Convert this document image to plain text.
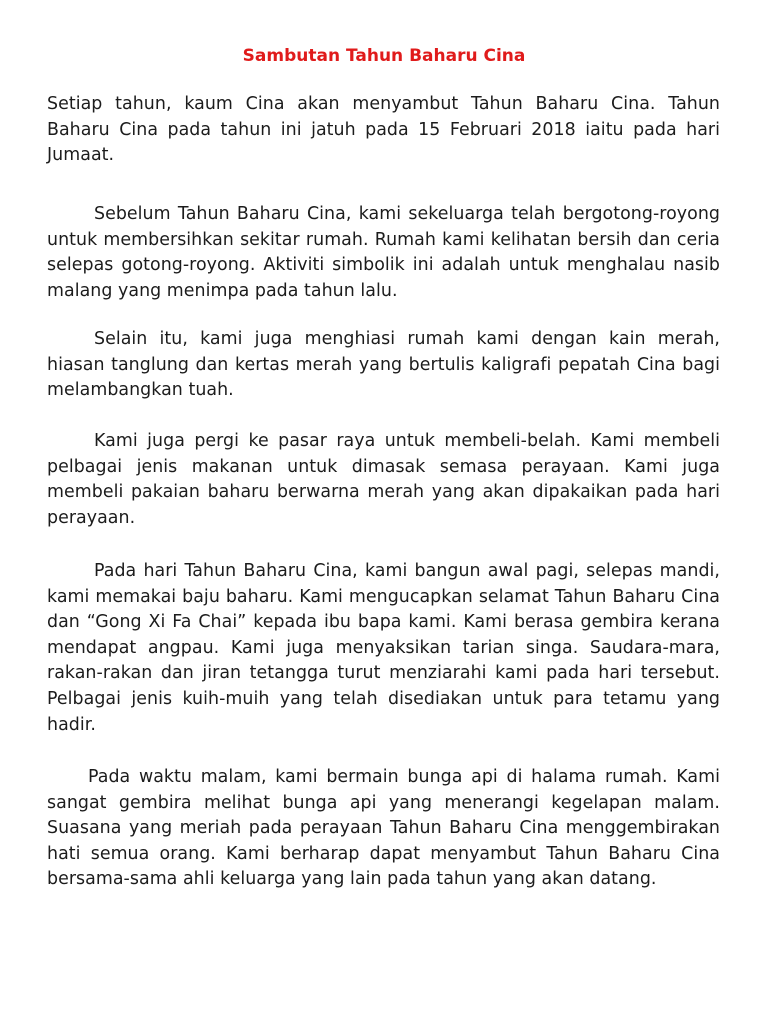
Sambutan Tahun Baharu Cina

Setiap tahun, kaum Cina akan menyambut Tahun Baharu Cina. Tahun Baharu Cina pada tahun ini jatuh pada 15 Februari 2018 iaitu pada hari Jumaat.

Sebelum Tahun Baharu Cina, kami sekeluarga telah bergotong-royong untuk membersihkan sekitar rumah. Rumah kami kelihatan bersih dan ceria selepas gotong-royong. Aktiviti simbolik ini adalah untuk menghalau nasib malang yang menimpa pada tahun lalu.

Selain itu, kami juga menghiasi rumah kami dengan kain merah, hiasan tanglung dan kertas merah yang bertulis kaligrafi pepatah Cina bagi melambangkan tuah.

Kami juga pergi ke pasar raya untuk membeli-belah. Kami membeli pelbagai jenis makanan untuk dimasak semasa perayaan. Kami juga membeli pakaian baharu berwarna merah yang akan dipakaikan pada hari perayaan.

Pada hari Tahun Baharu Cina, kami bangun awal pagi, selepas mandi, kami memakai baju baharu. Kami mengucapkan selamat Tahun Baharu Cina dan “Gong Xi Fa Chai” kepada ibu bapa kami. Kami berasa gembira kerana mendapat angpau. Kami juga menyaksikan tarian singa. Saudara-mara, rakan-rakan dan jiran tetangga turut menziarahi kami pada hari tersebut. Pelbagai jenis kuih-muih yang telah disediakan untuk para tetamu yang hadir.

Pada waktu malam, kami bermain bunga api di halama rumah. Kami sangat gembira melihat bunga api yang menerangi kegelapan malam. Suasana yang meriah pada perayaan Tahun Baharu Cina menggembirakan hati semua orang. Kami berharap dapat menyambut Tahun Baharu Cina bersama-sama ahli keluarga yang lain pada tahun yang akan datang.
